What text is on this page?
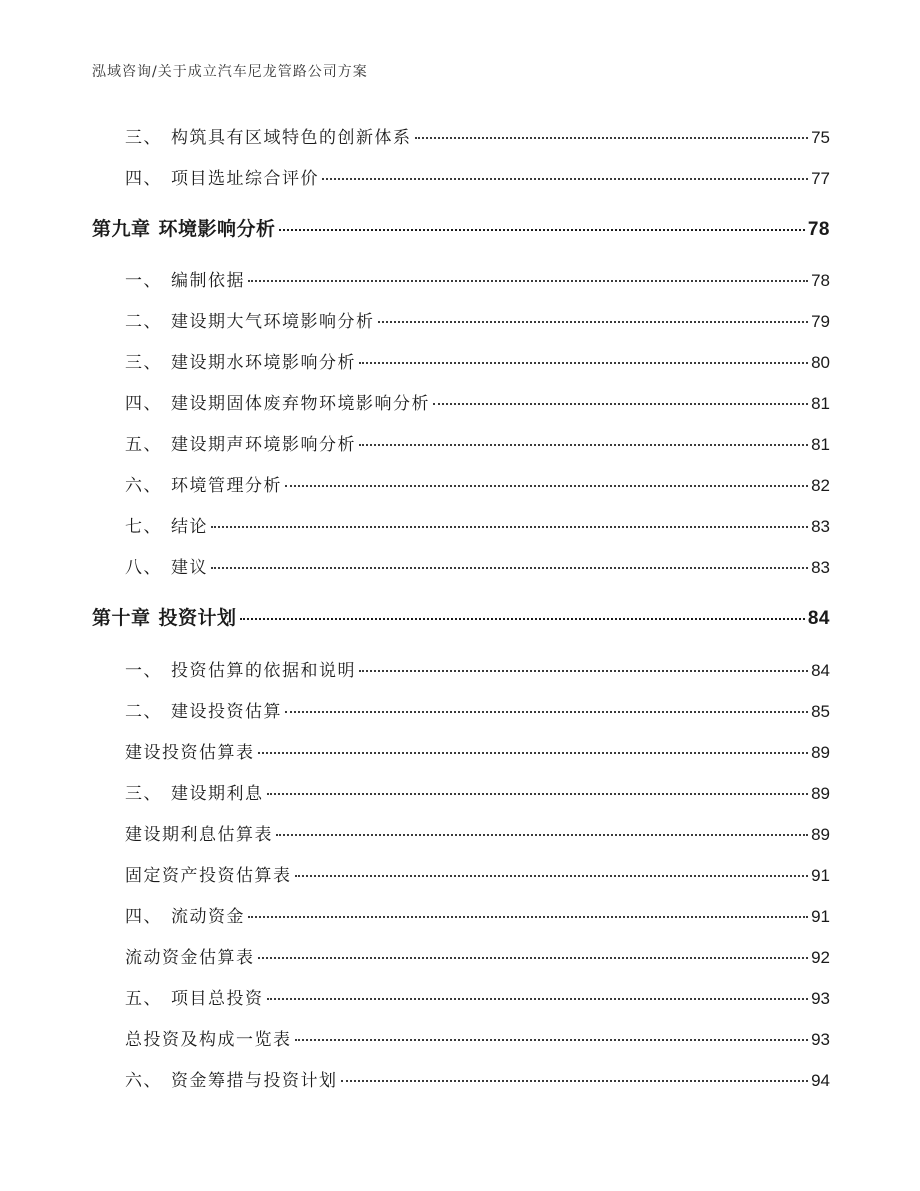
泓域咨询/关于成立汽车尼龙管路公司方案
三、 构筑具有区域特色的创新体系	75
四、 项目选址综合评价	77
第九章 环境影响分析	78
一、 编制依据	78
二、 建设期大气环境影响分析	79
三、 建设期水环境影响分析	80
四、 建设期固体废弃物环境影响分析	81
五、 建设期声环境影响分析	81
六、 环境管理分析	82
七、 结论	83
八、 建议	83
第十章 投资计划	84
一、 投资估算的依据和说明	84
二、 建设投资估算	85
建设投资估算表	89
三、 建设期利息	89
建设期利息估算表	89
固定资产投资估算表	91
四、 流动资金	91
流动资金估算表	92
五、 项目总投资	93
总投资及构成一览表	93
六、 资金筹措与投资计划	94
